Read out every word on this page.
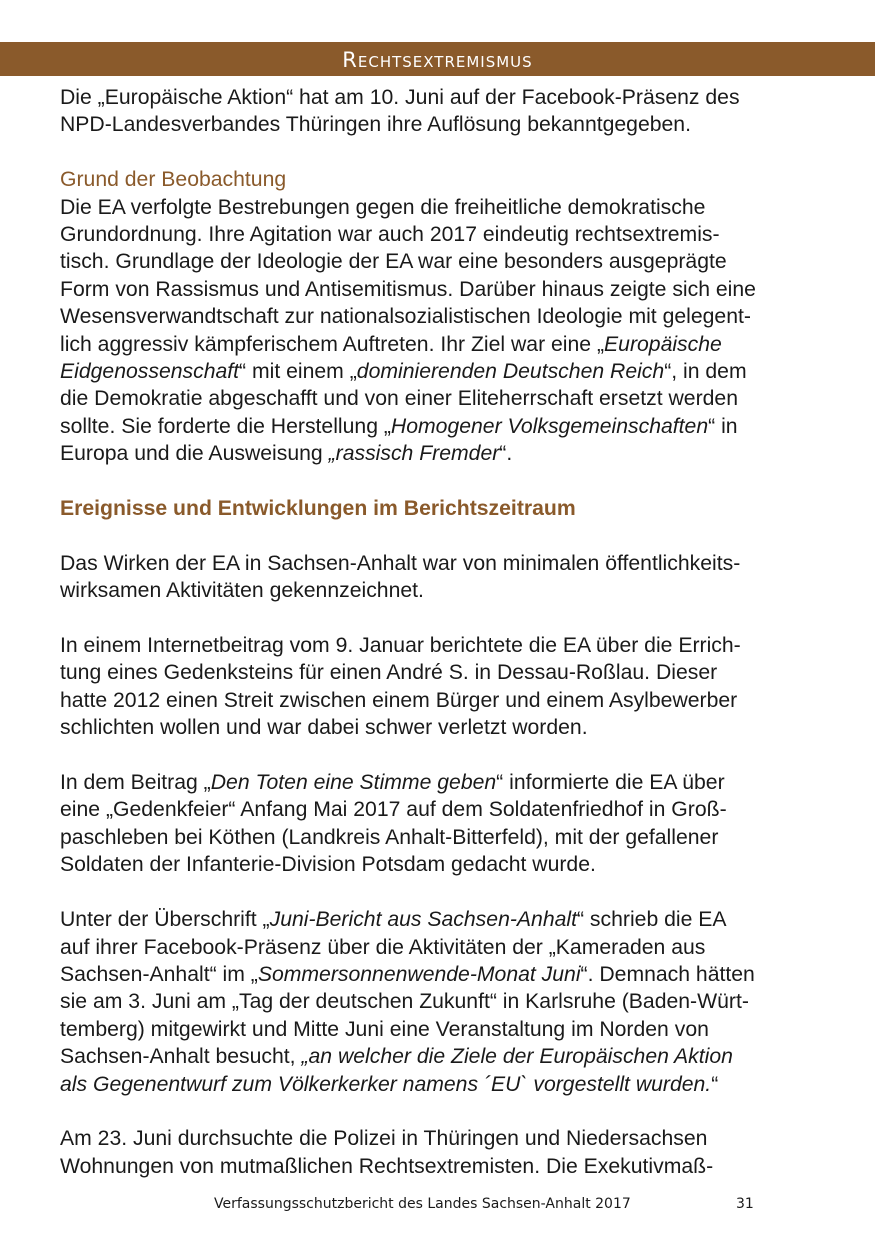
Rechtsextremismus

Die „Europäische Aktion“ hat am 10. Juni auf der Facebook-Präsenz des

NPD-Landesverbandes Thüringen ihre Auflösung bekanntgegeben.

Grund der Beobachtung

Die EA verfolgte Bestrebungen gegen die freiheitliche demokratische

Grundordnung. Ihre Agitation war auch 2017 eindeutig rechtsextremis-

tisch. Grundlage der Ideologie der EA war eine besonders ausgeprägte

Form von Rassismus und Antisemitismus. Darüber hinaus zeigte sich eine

Wesensverwandtschaft zur nationalsozialistischen Ideologie mit gelegent-

lich aggressiv kämpferischem Auftreten. Ihr Ziel war eine „Europäische

Eidgenossenschaft“ mit einem „dominierenden Deutschen Reich“, in dem

die Demokratie abgeschafft und von einer Eliteherrschaft ersetzt werden

sollte. Sie forderte die Herstellung „Homogener Volksgemeinschaften“ in

Europa und die Ausweisung „rassisch Fremder“.

Ereignisse und Entwicklungen im Berichtszeitraum

Das Wirken der EA in Sachsen-Anhalt war von minimalen öffentlichkeits-

wirksamen Aktivitäten gekennzeichnet.

In einem Internetbeitrag vom 9. Januar berichtete die EA über die Errich-

tung eines Gedenksteins für einen André S. in Dessau-Roßlau. Dieser

hatte 2012 einen Streit zwischen einem Bürger und einem Asylbewerber

schlichten wollen und war dabei schwer verletzt worden.

In dem Beitrag „Den Toten eine Stimme geben“ informierte die EA über

eine „Gedenkfeier“ Anfang Mai 2017 auf dem Soldatenfriedhof in Groß-

paschleben bei Köthen (Landkreis Anhalt-Bitterfeld), mit der gefallener

Soldaten der Infanterie-Division Potsdam gedacht wurde.

Unter der Überschrift „Juni-Bericht aus Sachsen-Anhalt“ schrieb die EA

auf ihrer Facebook-Präsenz über die Aktivitäten der „Kameraden aus

Sachsen-Anhalt“ im „Sommersonnenwende-Monat Juni“. Demnach hätten

sie am 3. Juni am „Tag der deutschen Zukunft“ in Karlsruhe (Baden-Würt-

temberg) mitgewirkt und Mitte Juni eine Veranstaltung im Norden von

Sachsen-Anhalt besucht, „an welcher die Ziele der Europäischen Aktion

als Gegenentwurf zum Völkerkerker namens ´EU` vorgestellt wurden.“

Am 23. Juni durchsuchte die Polizei in Thüringen und Niedersachsen

Wohnungen von mutmaßlichen Rechtsextremisten. Die Exekutivmaß-

Verfassungsschutzbericht des Landes Sachsen-Anhalt 2017	31
